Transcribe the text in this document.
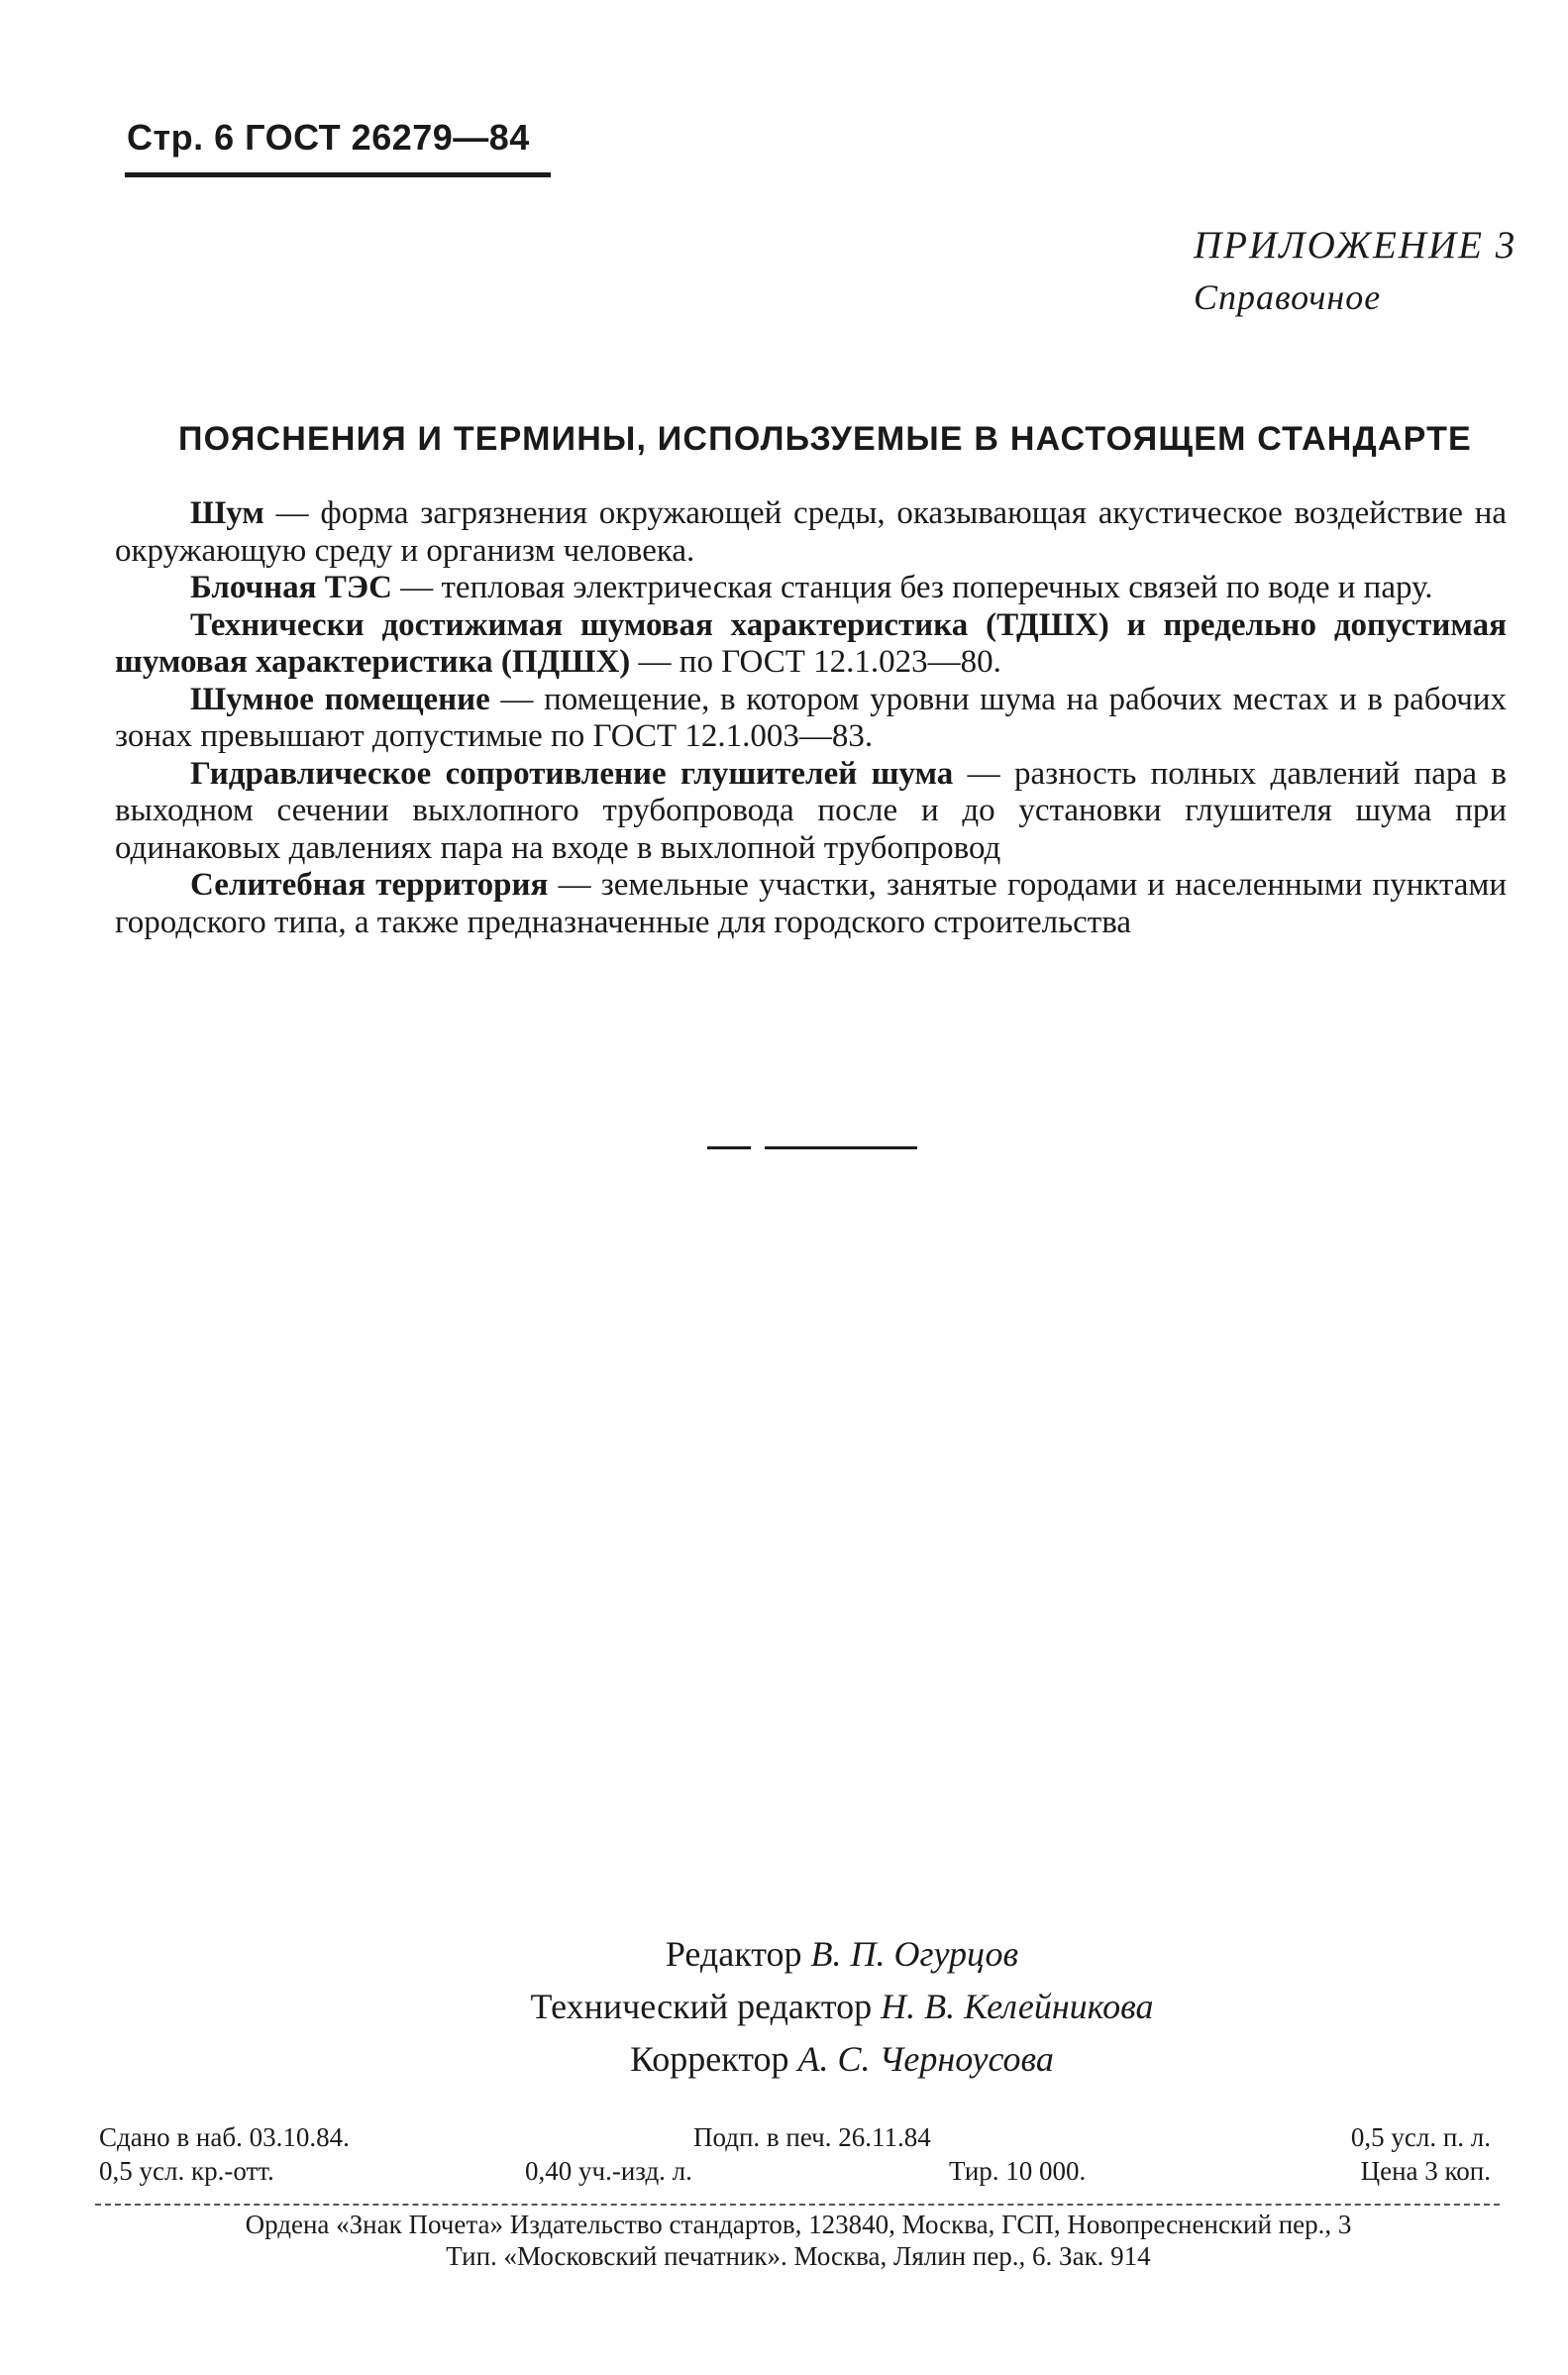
Стр. 6 ГОСТ 26279—84
ПРИЛОЖЕНИЕ 3
Справочное
ПОЯСНЕНИЯ И ТЕРМИНЫ, ИСПОЛЬЗУЕМЫЕ В НАСТОЯЩЕМ СТАНДАРТЕ

Шум — форма загрязнения окружающей среды, оказывающая акустическое воздействие на окружающую среду и организм человека.

Блочная ТЭС — тепловая электрическая станция без поперечных связей по воде и пару.

Технически достижимая шумовая характеристика (ТДШХ) и предельно допустимая шумовая характеристика (ПДШХ) — по ГОСТ 12.1.023—80.

Шумное помещение — помещение, в котором уровни шума на рабочих местах и в рабочих зонах превышают допустимые по ГОСТ 12.1.003—83.

Гидравлическое сопротивление глушителей шума — разность полных давлений пара в выходном сечении выхлопного трубопровода после и до установки глушителя шума при одинаковых давлениях пара на входе в выхлопной трубопровод

Селитебная территория — земельные участки, занятые городами и населенными пунктами городского типа, а также предназначенные для городского строительства

Редактор В. П. Огурцов
Технический редактор Н. В. Келейникова
Корректор А. С. Черноусова
Сдано в наб. 03.10.84.	Подп. в печ. 26.11.84	0,5 усл. п. л.
0,5 усл. кр.-отт.	0,40 уч.-изд. л.	Тир. 10 000.	Цена 3 коп.
Ордена «Знак Почета» Издательство стандартов, 123840, Москва, ГСП, Новопресненский пер., 3
Тип. «Московский печатник». Москва, Лялин пер., 6. Зак. 914
